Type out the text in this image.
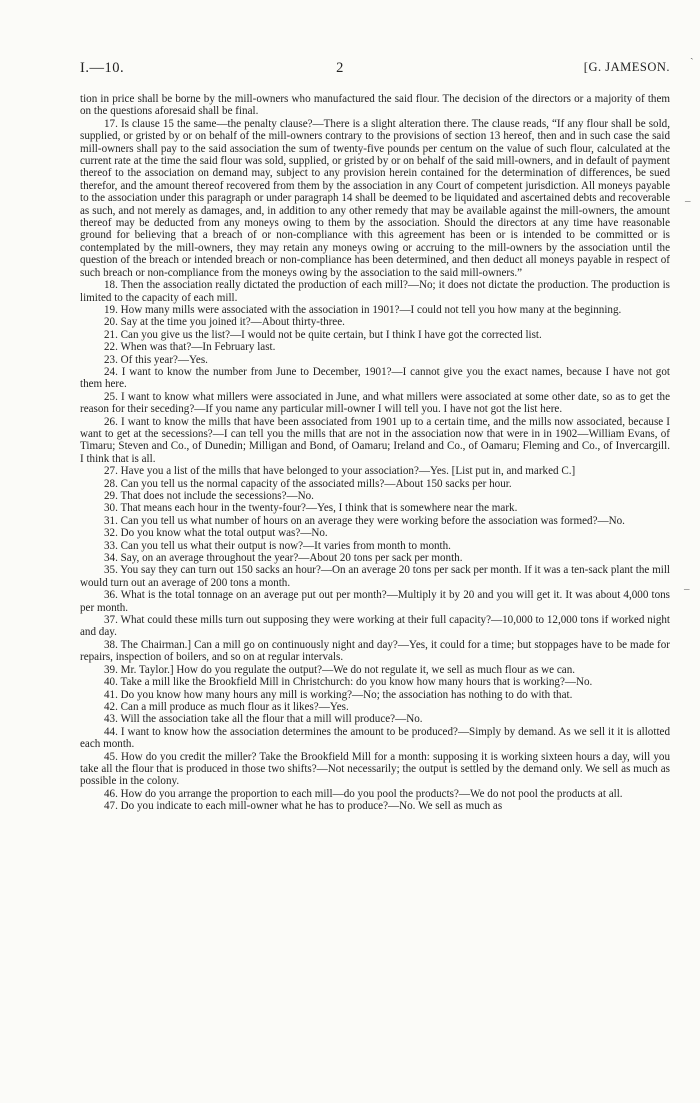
I.—10.	2	[G. JAMESON.

tion in price shall be borne by the mill-owners who manufactured the said flour. The decision of the directors or a majority of them on the questions aforesaid shall be final.

17. Is clause 15 the same—the penalty clause?—There is a slight alteration there. The clause reads, “If any flour shall be sold, supplied, or gristed by or on behalf of the mill-owners contrary to the provisions of section 13 hereof, then and in such case the said mill-owners shall pay to the said association the sum of twenty-five pounds per centum on the value of such flour, calculated at the current rate at the time the said flour was sold, supplied, or gristed by or on behalf of the said mill-owners, and in default of payment thereof to the association on demand may, subject to any provision herein contained for the determination of differences, be sued therefor, and the amount thereof recovered from them by the association in any Court of competent jurisdiction. All moneys payable to the association under this paragraph or under paragraph 14 shall be deemed to be liquidated and ascertained debts and recoverable as such, and not merely as damages, and, in addition to any other remedy that may be available against the mill-owners, the amount thereof may be deducted from any moneys owing to them by the association. Should the directors at any time have reasonable ground for believing that a breach of or non-compliance with this agreement has been or is intended to be committed or is contemplated by the mill-owners, they may retain any moneys owing or accruing to the mill-owners by the association until the question of the breach or intended breach or non-compliance has been determined, and then deduct all moneys payable in respect of such breach or non-compliance from the moneys owing by the association to the said mill-owners.”

18. Then the association really dictated the production of each mill?—No; it does not dictate the production. The production is limited to the capacity of each mill.

19. How many mills were associated with the association in 1901?—I could not tell you how many at the beginning.

20. Say at the time you joined it?—About thirty-three.

21. Can you give us the list?—I would not be quite certain, but I think I have got the corrected list.

22. When was that?—In February last.

23. Of this year?—Yes.

24. I want to know the number from June to December, 1901?—I cannot give you the exact names, because I have not got them here.

25. I want to know what millers were associated in June, and what millers were associated at some other date, so as to get the reason for their seceding?—If you name any particular mill-owner I will tell you. I have not got the list here.

26. I want to know the mills that have been associated from 1901 up to a certain time, and the mills now associated, because I want to get at the secessions?—I can tell you the mills that are not in the association now that were in in 1902—William Evans, of Timaru; Steven and Co., of Dunedin; Milligan and Bond, of Oamaru; Ireland and Co., of Oamaru; Fleming and Co., of Invercargill. I think that is all.

27. Have you a list of the mills that have belonged to your association?—Yes. [List put in, and marked C.]

28. Can you tell us the normal capacity of the associated mills?—About 150 sacks per hour.

29. That does not include the secessions?—No.

30. That means each hour in the twenty-four?—Yes, I think that is somewhere near the mark.

31. Can you tell us what number of hours on an average they were working before the association was formed?—No.

32. Do you know what the total output was?—No.

33. Can you tell us what their output is now?—It varies from month to month.

34. Say, on an average throughout the year?—About 20 tons per sack per month.

35. You say they can turn out 150 sacks an hour?—On an average 20 tons per sack per month. If it was a ten-sack plant the mill would turn out an average of 200 tons a month.

36. What is the total tonnage on an average put out per month?—Multiply it by 20 and you will get it. It was about 4,000 tons per month.

37. What could these mills turn out supposing they were working at their full capacity?—10,000 to 12,000 tons if worked night and day.

38. The Chairman.] Can a mill go on continuously night and day?—Yes, it could for a time; but stoppages have to be made for repairs, inspection of boilers, and so on at regular intervals.

39. Mr. Taylor.] How do you regulate the output?—We do not regulate it, we sell as much flour as we can.

40. Take a mill like the Brookfield Mill in Christchurch: do you know how many hours that is working?—No.

41. Do you know how many hours any mill is working?—No; the association has nothing to do with that.

42. Can a mill produce as much flour as it likes?—Yes.

43. Will the association take all the flour that a mill will produce?—No.

44. I want to know how the association determines the amount to be produced?—Simply by demand. As we sell it it is allotted each month.

45. How do you credit the miller? Take the Brookfield Mill for a month: supposing it is working sixteen hours a day, will you take all the flour that is produced in those two shifts?—Not necessarily; the output is settled by the demand only. We sell as much as possible in the colony.

46. How do you arrange the proportion to each mill—do you pool the products?—We do not pool the products at all.

47. Do you indicate to each mill-owner what he has to produce?—No. We sell as much as

‒
–
ˎ
